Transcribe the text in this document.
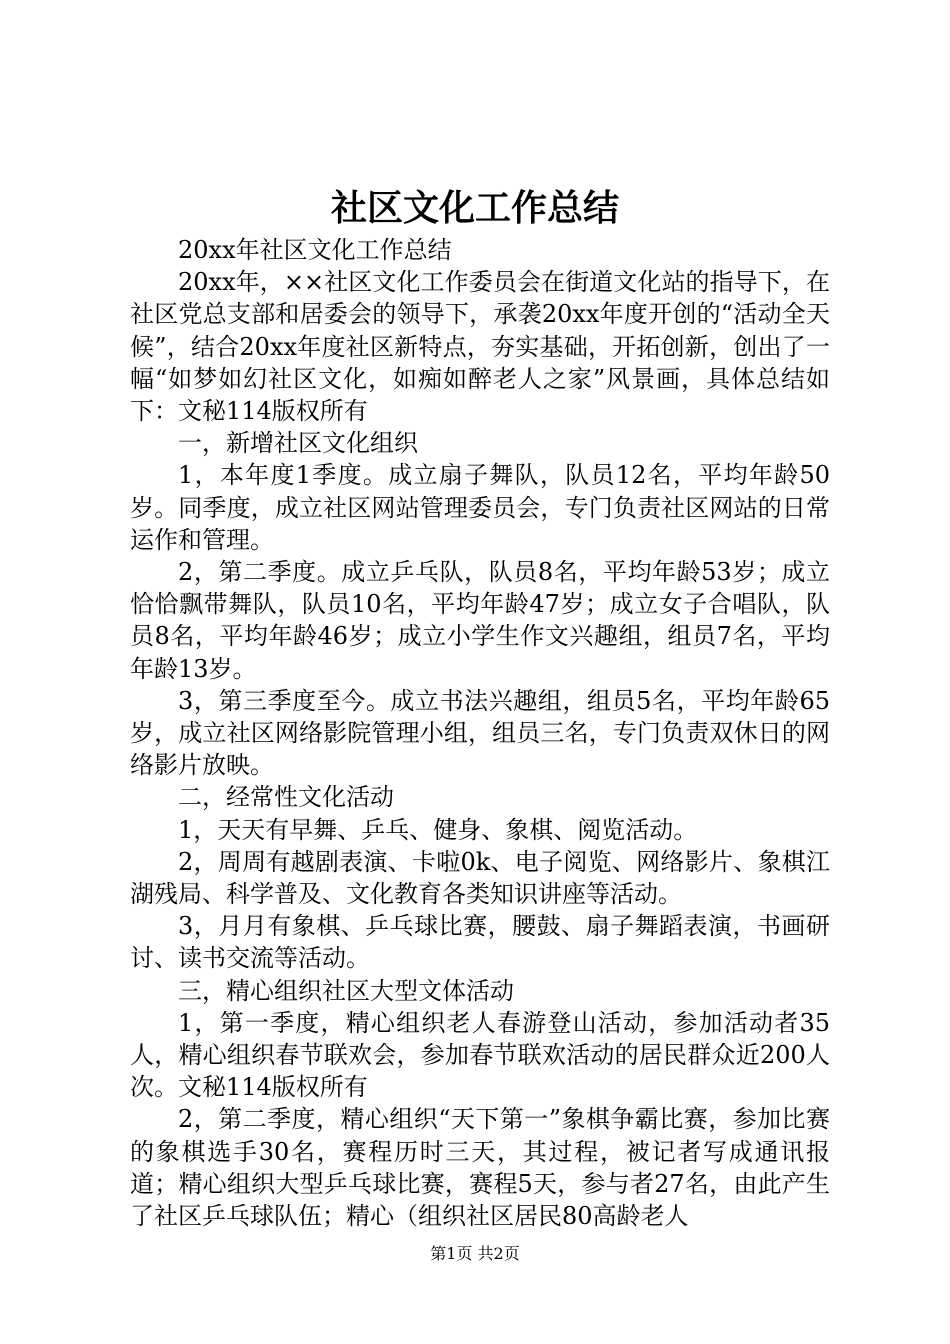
社区文化工作总结

20xx年社区文化工作总结

20xx年，××社区文化工作委员会在街道文化站的指导下，在社区党总支部和居委会的领导下，承袭20xx年度开创的“活动全天候”，结合20xx年度社区新特点，夯实基础，开拓创新，创出了一幅“如梦如幻社区文化，如痴如醉老人之家”风景画，具体总结如下：文秘114版权所有

一，新增社区文化组织

1，本年度1季度。成立扇子舞队，队员12名，平均年龄50岁。同季度，成立社区网站管理委员会，专门负责社区网站的日常运作和管理。

2，第二季度。成立乒乓队，队员8名，平均年龄53岁；成立恰恰飘带舞队，队员10名，平均年龄47岁；成立女子合唱队，队员8名，平均年龄46岁；成立小学生作文兴趣组，组员7名，平均年龄13岁。

3，第三季度至今。成立书法兴趣组，组员5名，平均年龄65岁，成立社区网络影院管理小组，组员三名，专门负责双休日的网络影片放映。

二，经常性文化活动

1，天天有早舞、乒乓、健身、象棋、阅览活动。

2，周周有越剧表演、卡啦0k、电子阅览、网络影片、象棋江湖残局、科学普及、文化教育各类知识讲座等活动。

3，月月有象棋、乒乓球比赛，腰鼓、扇子舞蹈表演，书画研讨、读书交流等活动。

三，精心组织社区大型文体活动

1，第一季度，精心组织老人春游登山活动，参加活动者35人，精心组织春节联欢会，参加春节联欢活动的居民群众近200人次。文秘114版权所有

2，第二季度，精心组织“天下第一”象棋争霸比赛，参加比赛的象棋选手30名，赛程历时三天，其过程，被记者写成通讯报道；精心组织大型乒乓球比赛，赛程5天，参与者27名，由此产生了社区乒乓球队伍；精心（组织社区居民80高龄老人

第1页 共2页
